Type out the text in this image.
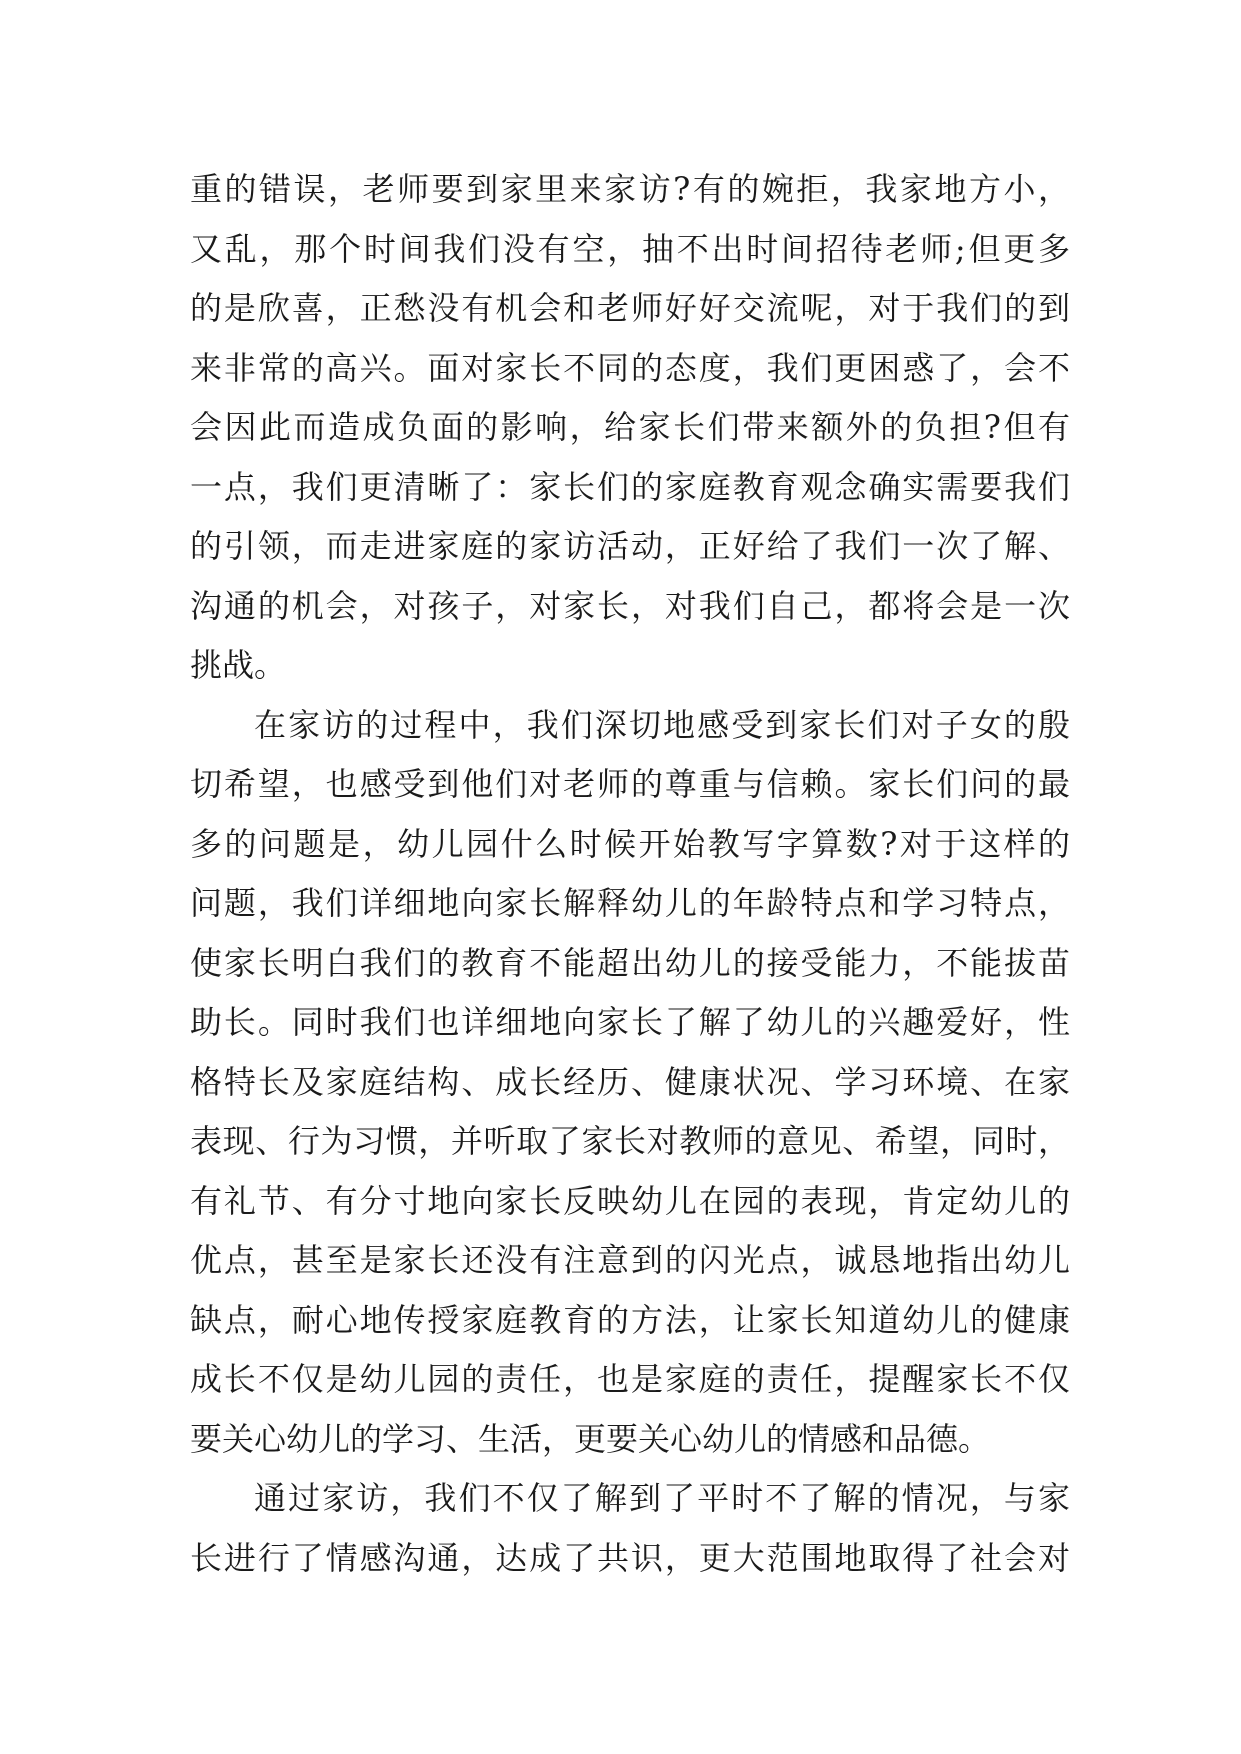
重的错误，老师要到家里来家访?有的婉拒，我家地方小，
又乱，那个时间我们没有空，抽不出时间招待老师;但更多
的是欣喜，正愁没有机会和老师好好交流呢，对于我们的到
来非常的高兴。面对家长不同的态度，我们更困惑了，会不
会因此而造成负面的影响，给家长们带来额外的负担?但有
一点，我们更清晰了：家长们的家庭教育观念确实需要我们
的引领，而走进家庭的家访活动，正好给了我们一次了解、
沟通的机会，对孩子，对家长，对我们自己，都将会是一次
挑战。
在家访的过程中，我们深切地感受到家长们对子女的殷
切希望，也感受到他们对老师的尊重与信赖。家长们问的最
多的问题是，幼儿园什么时候开始教写字算数?对于这样的
问题，我们详细地向家长解释幼儿的年龄特点和学习特点，
使家长明白我们的教育不能超出幼儿的接受能力，不能拔苗
助长。同时我们也详细地向家长了解了幼儿的兴趣爱好，性
格特长及家庭结构、成长经历、健康状况、学习环境、在家
表现、行为习惯，并听取了家长对教师的意见、希望，同时，
有礼节、有分寸地向家长反映幼儿在园的表现，肯定幼儿的
优点，甚至是家长还没有注意到的闪光点，诚恳地指出幼儿
缺点，耐心地传授家庭教育的方法，让家长知道幼儿的健康
成长不仅是幼儿园的责任，也是家庭的责任，提醒家长不仅
要关心幼儿的学习、生活，更要关心幼儿的情感和品德。
通过家访，我们不仅了解到了平时不了解的情况，与家
长进行了情感沟通，达成了共识，更大范围地取得了社会对
